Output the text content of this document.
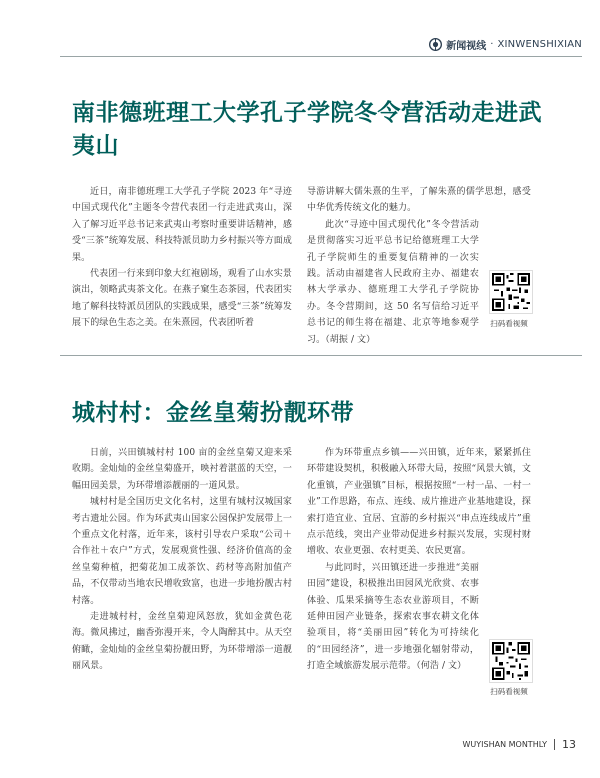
新闻视线 · XINWENSHIXIAN
南非德班理工大学孔子学院冬令营活动走进武夷山

近日，南非德班理工大学孔子学院 2023 年“寻迹中国式现代化”主题冬令营代表团一行走进武夷山，深入了解习近平总书记来武夷山考察时重要讲话精神，感受“三茶”统筹发展、科技特派员助力乡村振兴等方面成果。

代表团一行来到印象大红袍剧场，观看了山水实景演出，领略武夷茶文化。在燕子窠生态茶园，代表团实地了解科技特派员团队的实践成果，感受“三茶”统筹发展下的绿色生态之美。在朱熹园，代表团听着

导游讲解大儒朱熹的生平，了解朱熹的儒学思想，感受中华优秀传统文化的魅力。

此次“寻迹中国式现代化”冬令营活动是贯彻落实习近平总书记给德班理工大学孔子学院师生的重要复信精神的一次实践。活动由福建省人民政府主办、福建农林大学承办、德班理工大学孔子学院协办。冬令营期间，这 50 名写信给习近平总书记的师生将在福建、北京等地参观学习。（胡振 / 文）

扫码看视频
城村村：金丝皇菊扮靓环带

日前，兴田镇城村村 100 亩的金丝皇菊又迎来采收期。金灿灿的金丝皇菊盛开，映衬着湛蓝的天空，一幅田园美景，为环带增添靓丽的一道风景。

城村村是全国历史文化名村，这里有城村汉城国家考古遗址公园。作为环武夷山国家公园保护发展带上一个重点文化村落，近年来，该村引导农户采取“公司＋合作社＋农户”方式，发展观赏性强、经济价值高的金丝皇菊种植，把菊花加工成茶饮、药材等高附加值产品，不仅带动当地农民增收致富，也进一步地扮靓古村村落。

走进城村村，金丝皇菊迎风怒放，犹如金黄色花海。微风拂过，幽香弥漫开来，令人陶醉其中。从天空俯瞰，金灿灿的金丝皇菊扮靓田野，为环带增添一道靓丽风景。

作为环带重点乡镇——兴田镇，近年来，紧紧抓住环带建设契机，积极融入环带大局，按照“风景大镇，文化重镇，产业强镇”目标，根据按照“一村一品、一村一业”工作思路，布点、连线、成片推进产业基地建设，探索打造宜业、宜居、宜游的乡村振兴“串点连线成片”重点示范线，突出产业带动促进乡村振兴发展，实现村财增收、农业更强、农村更美、农民更富。

与此同时，兴田镇还进一步推进“美丽田园”建设，积极推出田园风光欣赏、农事体验、瓜果采摘等生态农业游项目，不断延伸田园产业链条，探索农事农耕文化体验项目，将“美丽田园”转化为可持续化的“田园经济”，进一步地强化辐射带动，打造全域旅游发展示范带。（何浩 / 文）

扫码看视频
WUYISHAN MONTHLY 13
